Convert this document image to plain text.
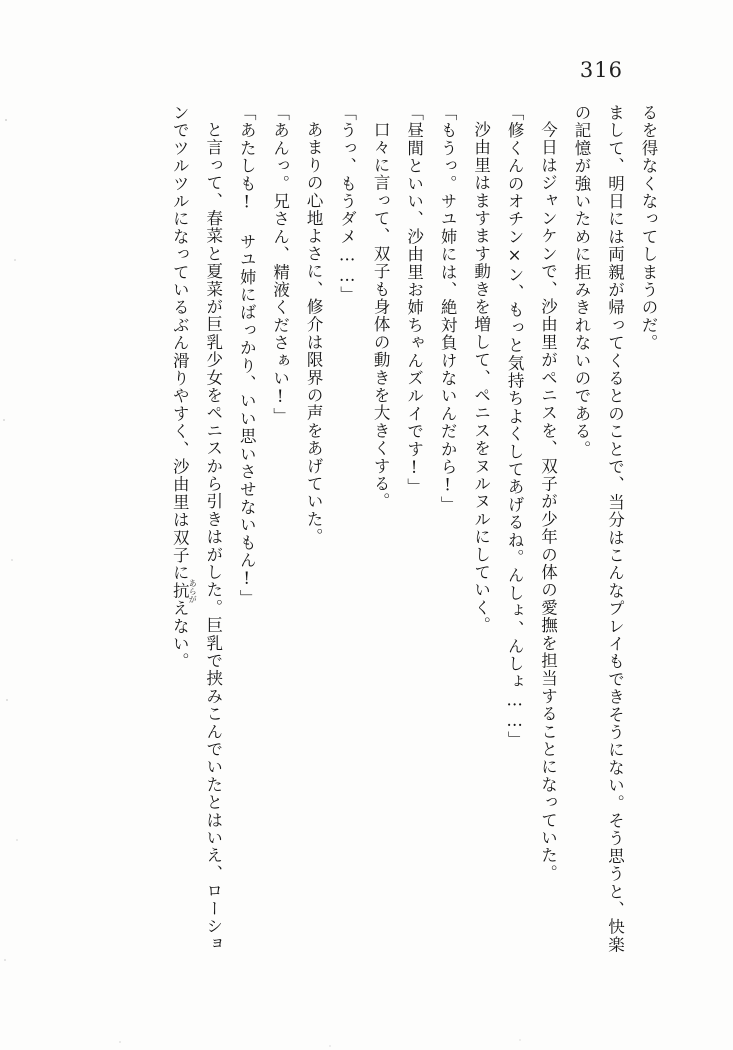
316

るを得なくなってしまうのだ。

まして、明日には両親が帰ってくるとのことで、当分はこんなプレイもできそうにない。そう思うと、快楽の記憶が強いために拒みきれないのである。

今日はジャンケンで、沙由里がペニスを、双子が少年の体の愛撫を担当することになっていた。

「修くんのオチン×ン、もっと気持ちよくしてあげるね。んしょ、んしょ……」

沙由里はますます動きを増して、ペニスをヌルヌルにしていく。

「もうっ。サユ姉には、絶対負けないんだから!」

「昼間といい、沙由里お姉ちゃんズルイです!」

口々に言って、双子も身体の動きを大きくする。

「うっ、もうダメ……」

あまりの心地よさに、修介は限界の声をあげていた。

「あんっ。兄さん、精液くださぁい!」

「あたしも! サユ姉にばっかり、いい思いさせないもん!」

と言って、春菜と夏菜が巨乳少女をペニスから引きはがした。巨乳で挟みこんでいたとはいえ、ローションでツルツルになっているぶん滑りやすく、沙由里は双子に抗 あらがえない。
